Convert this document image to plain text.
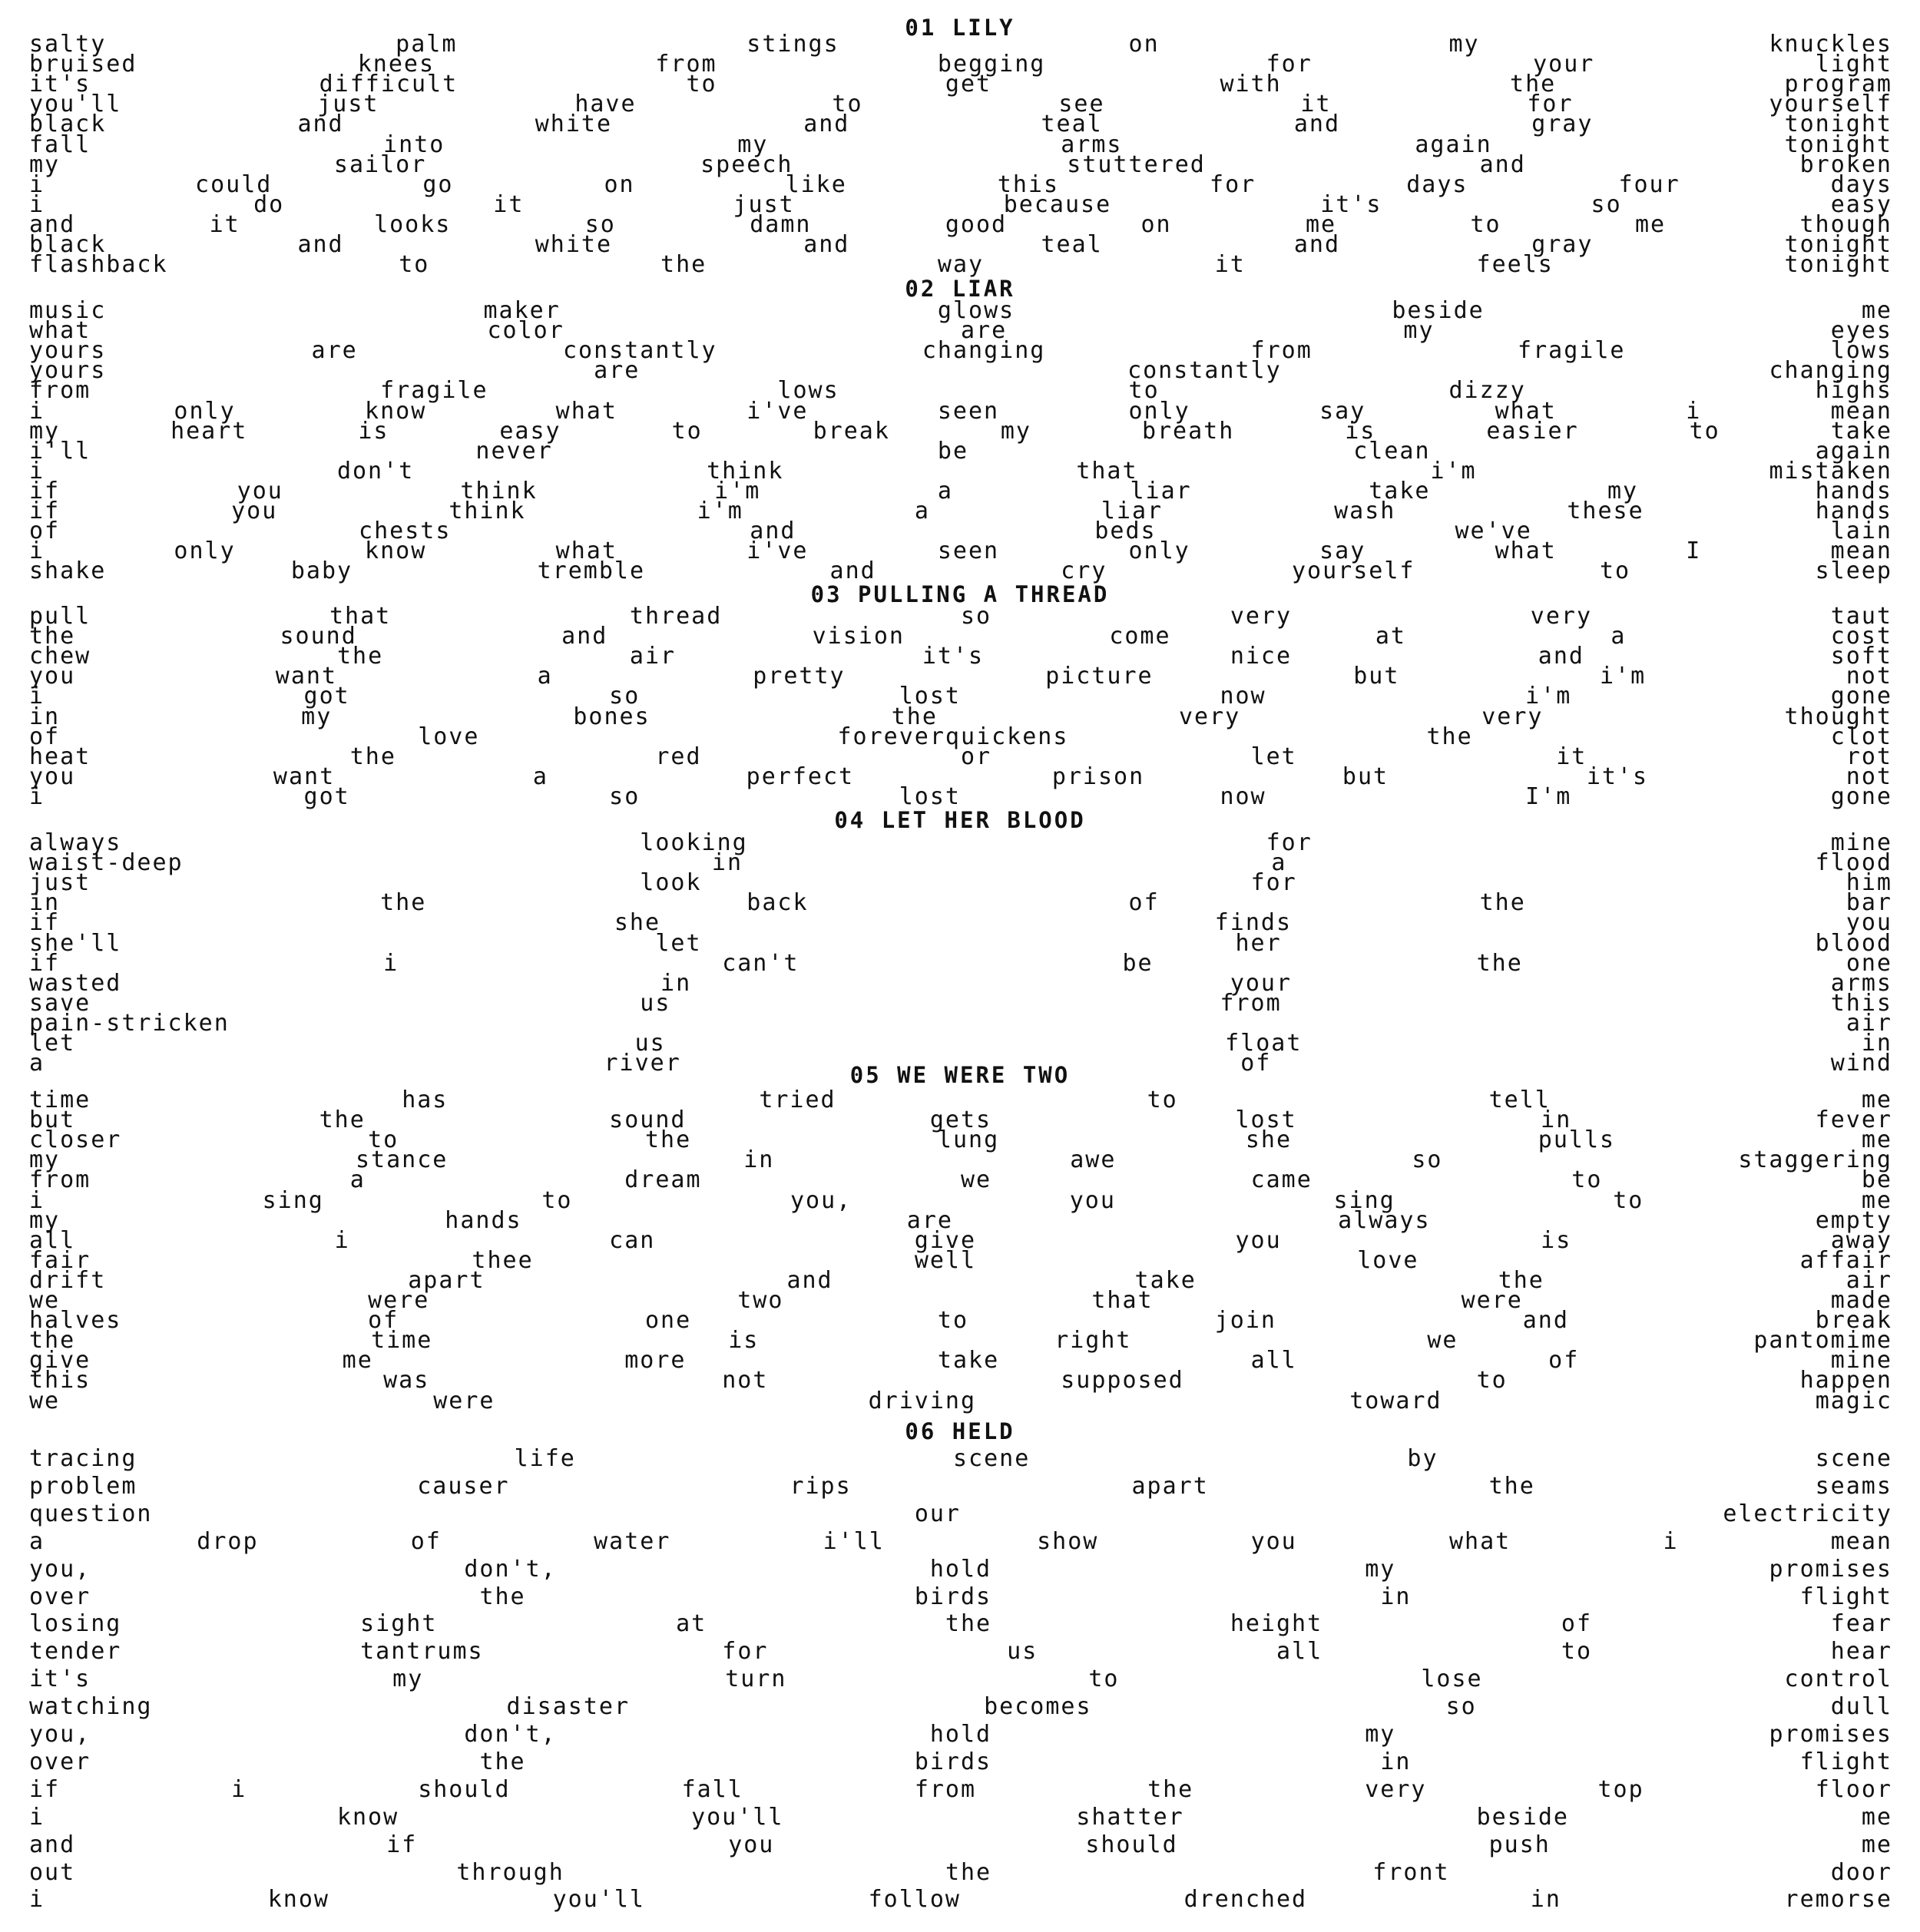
01 LILY
salty	palm	stings	on	my	knuckles
bruised	knees	from	begging	for	your	light
it's	difficult	to	get	with	the	program
you'll	just	have	to	see	it	for	yourself
black	and	white	and	teal	and	gray	tonight
fall	into	my	arms	again	tonight
my	sailor	speech	stuttered	and	broken
i	could	go	on	like	this	for	days	four	days
i	do	it	just	because	it's	so	easy
and	it	looks	so	damn	good	on	me	to	me	though
black	and	white	and	teal	and	gray	tonight
flashback	to	the	way	it	feels	tonight
02 LIAR
music	maker	glows	beside	me
what	color	are	my	eyes
yours	are	constantly	changing	from	fragile	lows
yours	are	constantly	changing
from	fragile	lows	to	dizzy	highs
i	only	know	what	i've	seen	only	say	what	i	mean
my	heart	is	easy	to	break	my	breath	is	easier	to	take
i'll	never	be	clean	again
i	don't	think	that	i'm	mistaken
if	you	think	i'm	a	liar	take	my	hands
if	you	think	i'm	a	liar	wash	these	hands
of	chests	and	beds	we've	lain
i	only	know	what	i've	seen	only	say	what	I	mean
shake	baby	tremble	and	cry	yourself	to	sleep
03 PULLING A THREAD
pull	that	thread	so	very	very	taut
the	sound	and	vision	come	at	a	cost
chew	the	air	it's	nice	and	soft
you	want	a	pretty	picture	but	i'm	not
i	got	so	lost	now	i'm	gone
in	my	bones	the	very	very	thought
of	love	foreverquickens	the	clot
heat	the	red	or	let	it	rot
you	want	a	perfect	prison	but	it's	not
i	got	so	lost	now	I'm	gone
04 LET HER BLOOD
always	looking	for	mine
waist-deep	in	a	flood
just	look	for	him
in	the	back	of	the	bar
if	she	finds	you
she'll	let	her	blood
if	i	can't	be	the	one
wasted	in	your	arms
save	us	from	this
pain-stricken	air
let	us	float	in
a	river	of	wind
05 WE WERE TWO
time	has	tried	to	tell	me
but	the	sound	gets	lost	in	fever
closer	to	the	lung	she	pulls	me
my	stance	in	awe	so	staggering
from	a	dream	we	came	to	be
i	sing	to	you,	you	sing	to	me
my	hands	are	always	empty
all	i	can	give	you	is	away
fair	thee	well	love	affair
drift	apart	and	take	the	air
we	were	two	that	were	made
halves	of	one	to	join	and	break
the	time	is	right	we	pantomime
give	me	more	take	all	of	mine
this	was	not	supposed	to	happen
we	were	driving	toward	magic
06 HELD
tracing	life	scene	by	scene
problem	causer	rips	apart	the	seams
question	our	electricity
a	drop	of	water	i'll	show	you	what	i	mean
you,	don't,	hold	my	promises
over	the	birds	in	flight
losing	sight	at	the	height	of	fear
tender	tantrums	for	us	all	to	hear
it's	my	turn	to	lose	control
watching	disaster	becomes	so	dull
you,	don't,	hold	my	promises
over	the	birds	in	flight
if	i	should	fall	from	the	very	top	floor
i	know	you'll	shatter	beside	me
and	if	you	should	push	me
out	through	the	front	door
i	know	you'll	follow	drenched	in	remorse
